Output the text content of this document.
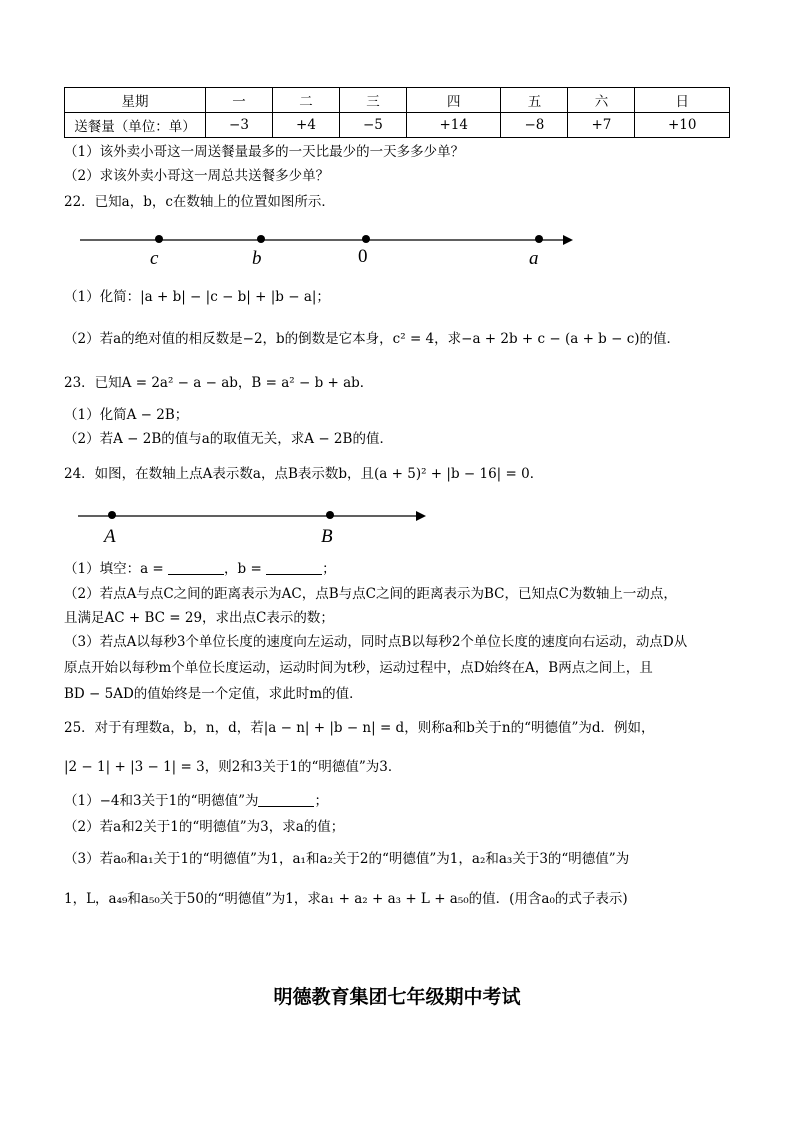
星期	一	二	三	四	五	六	日
送餐量（单位：单）	−3	+4	−5	+14	−8	+7	+10
（1）该外卖小哥这一周送餐量最多的一天比最少的一天多多少单？
（2）求该外卖小哥这一周总共送餐多少单？
22．已知a，b，c在数轴上的位置如图所示．
c	b	0	a
（1）化简：|a + b| − |c − b| + |b − a|；
（2）若a的绝对值的相反数是−2，b的倒数是它本身，c² = 4，求−a + 2b + c − (a + b − c)的值．
23．已知A = 2a² − a − ab，B = a² − b + ab．
（1）化简A − 2B；
（2）若A − 2B的值与a的取值无关，求A − 2B的值．
24．如图，在数轴上点A表示数a，点B表示数b，且(a + 5)² + |b − 16| = 0．
A	B
（1）填空：a =	，b =	；
（2）若点A与点C之间的距离表示为AC，点B与点C之间的距离表示为BC，已知点C为数轴上一动点，
且满足AC + BC = 29，求出点C表示的数；
（3）若点A以每秒3个单位长度的速度向左运动，同时点B以每秒2个单位长度的速度向右运动，动点D从
原点开始以每秒m个单位长度运动，运动时间为t秒，运动过程中，点D始终在A，B两点之间上，且
BD − 5AD的值始终是一个定值，求此时m的值．
25．对于有理数a，b，n，d，若|a − n| + |b − n| = d，则称a和b关于n的“明德值”为d．例如，
|2 − 1| + |3 − 1| = 3，则2和3关于1的“明德值”为3．
（1）−4和3关于1的“明德值”为	；
（2）若a和2关于1的“明德值”为3，求a的值；
（3）若a₀和a₁关于1的“明德值”为1，a₁和a₂关于2的“明德值”为1，a₂和a₃关于3的“明德值”为
1，L，a₄₉和a₅₀关于50的“明德值”为1，求a₁ + a₂ + a₃ + L + a₅₀的值．(用含a₀的式子表示)
明德教育集团七年级期中考试
